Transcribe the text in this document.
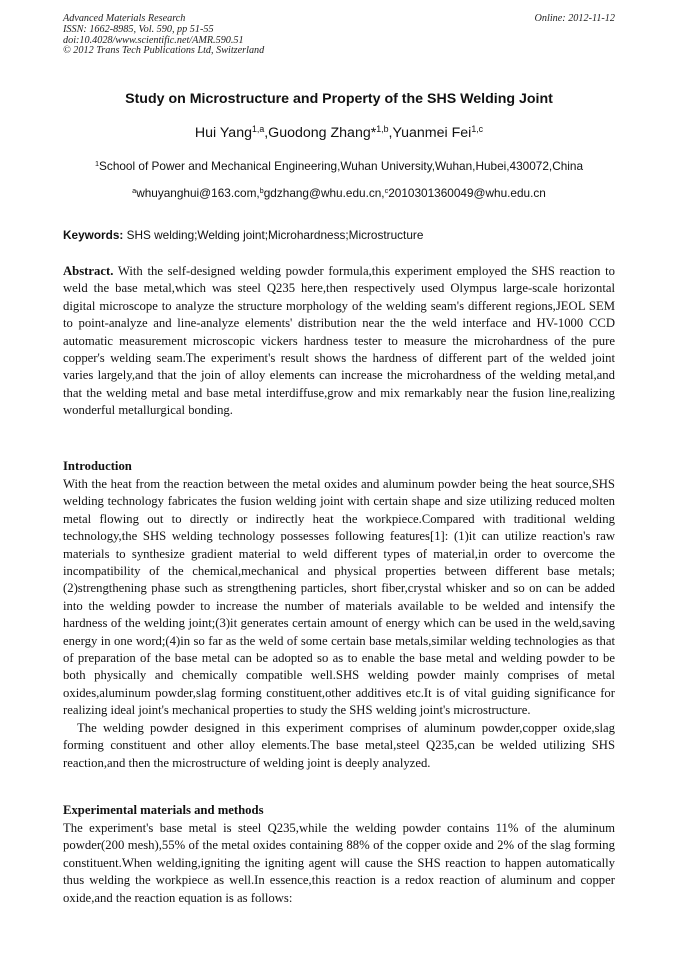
Advanced Materials Research
ISSN: 1662-8985, Vol. 590, pp 51-55
doi:10.4028/www.scientific.net/AMR.590.51
© 2012 Trans Tech Publications Ltd, Switzerland
Online: 2012-11-12
Study on Microstructure and Property of the SHS Welding Joint
Hui Yang$^{1,a}$,Guodong Zhang*$^{1,b}$,Yuanmei Fei$^{1,c}$
$^1$School of Power and Mechanical Engineering,Wuhan University,Wuhan,Hubei,430072,China
$^a$whuyanghui@163.com,$^b$gdzhang@whu.edu.cn,$^c$2010301360049@whu.edu.cn
Keywords: SHS welding;Welding joint;Microhardness;Microstructure
Abstract. With the self-designed welding powder formula,this experiment employed the SHS reaction to weld the base metal,which was steel Q235 here,then respectively used Olympus large-scale horizontal digital microscope to analyze the structure morphology of the welding seam's different regions,JEOL SEM to point-analyze and line-analyze elements' distribution near the the weld interface and HV-1000 CCD automatic measurement microscopic vickers hardness tester to measure the microhardness of the pure copper's welding seam.The experiment's result shows the hardness of different part of the welded joint varies largely,and that the join of alloy elements can increase the microhardness of the welding metal,and that the welding metal and base metal interdiffuse,grow and mix remarkably near the fusion line,realizing wonderful metallurgical bonding.
Introduction

With the heat from the reaction between the metal oxides and aluminum powder being the heat source,SHS welding technology fabricates the fusion welding joint with certain shape and size utilizing reduced molten metal flowing out to directly or indirectly heat the workpiece.Compared with traditional welding technology,the SHS welding technology possesses following features[1]: (1)it can utilize reaction's raw materials to synthesize gradient material to weld different types of material,in order to overcome the incompatibility of the chemical,mechanical and physical properties between different base metals;(2)strengthening phase such as strengthening particles, short fiber,crystal whisker and so on can be added into the welding powder to increase the number of materials available to be welded and intensify the hardness of the welding joint;(3)it generates certain amount of energy which can be used in the weld,saving energy in one word;(4)in so far as the weld of some certain base metals,similar welding technologies as that of preparation of the base metal can be adopted so as to enable the base metal and welding powder to be both physically and chemically compatible well.SHS welding powder mainly comprises of metal oxides,aluminum powder,slag forming constituent,other additives etc.It is of vital guiding significance for realizing ideal joint's mechanical properties to study the SHS welding joint's microstructure.

The welding powder designed in this experiment comprises of aluminum powder,copper oxide,slag forming constituent and other alloy elements.The base metal,steel Q235,can be welded utilizing SHS reaction,and then the microstructure of welding joint is deeply analyzed.

Experimental materials and methods

The experiment's base metal is steel Q235,while the welding powder contains 11% of the aluminum powder(200 mesh),55% of the metal oxides containing 88% of the copper oxide and 2% of the slag forming constituent.When welding,igniting the igniting agent will cause the SHS reaction to happen automatically thus welding the workpiece as well.In essence,this reaction is a redox reaction of aluminum and copper oxide,and the reaction equation is as follows:
